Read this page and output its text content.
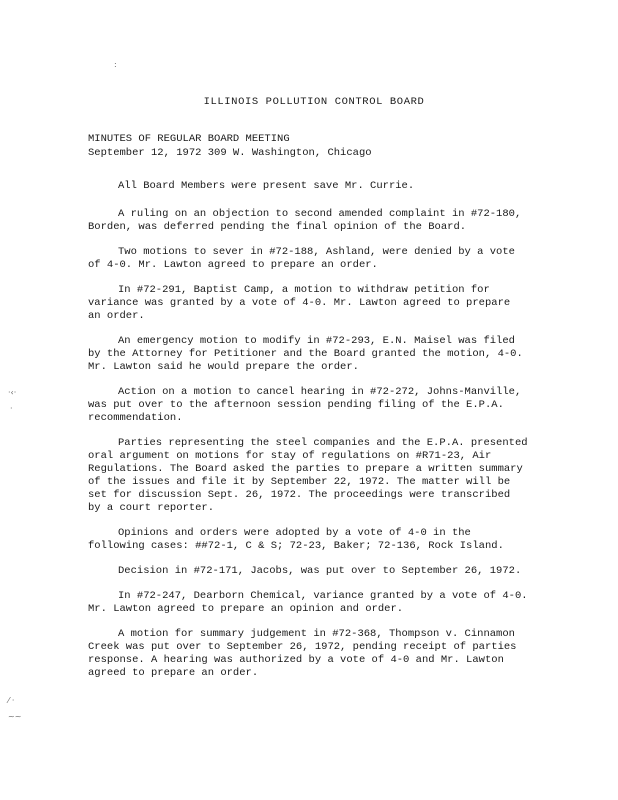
:
·‹·
·
⁄ ·
~~
ILLINOIS POLLUTION CONTROL BOARD
MINUTES OF REGULAR BOARD MEETING
September 12, 1972 309 W. Washington, Chicago

All Board Members were present save Mr. Currie.

A ruling on an objection to second amended complaint in #72-180, Borden, was deferred pending the final opinion of the Board.

Two motions to sever in #72-188, Ashland, were denied by a vote of 4-0. Mr. Lawton agreed to prepare an order.

In #72-291, Baptist Camp, a motion to withdraw petition for variance was granted by a vote of 4-0. Mr. Lawton agreed to prepare an order.

An emergency motion to modify in #72-293, E.N. Maisel was filed by the Attorney for Petitioner and the Board granted the motion, 4-0. Mr. Lawton said he would prepare the order.

Action on a motion to cancel hearing in #72-272, Johns-Manville, was put over to the afternoon session pending filing of the E.P.A. recommendation.

Parties representing the steel companies and the E.P.A. presented oral argument on motions for stay of regulations on #R71-23, Air Regulations. The Board asked the parties to prepare a written summary of the issues and file it by September 22, 1972. The matter will be set for discussion Sept. 26, 1972. The proceedings were transcribed by a court reporter.

Opinions and orders were adopted by a vote of 4-0 in the following cases: ##72-1, C & S; 72-23, Baker; 72-136, Rock Island.

Decision in #72-171, Jacobs, was put over to September 26, 1972.

In #72-247, Dearborn Chemical, variance granted by a vote of 4-0. Mr. Lawton agreed to prepare an opinion and order.

A motion for summary judgement in #72-368, Thompson v. Cinnamon Creek was put over to September 26, 1972, pending receipt of parties response. A hearing was authorized by a vote of 4-0 and Mr. Lawton agreed to prepare an order.
